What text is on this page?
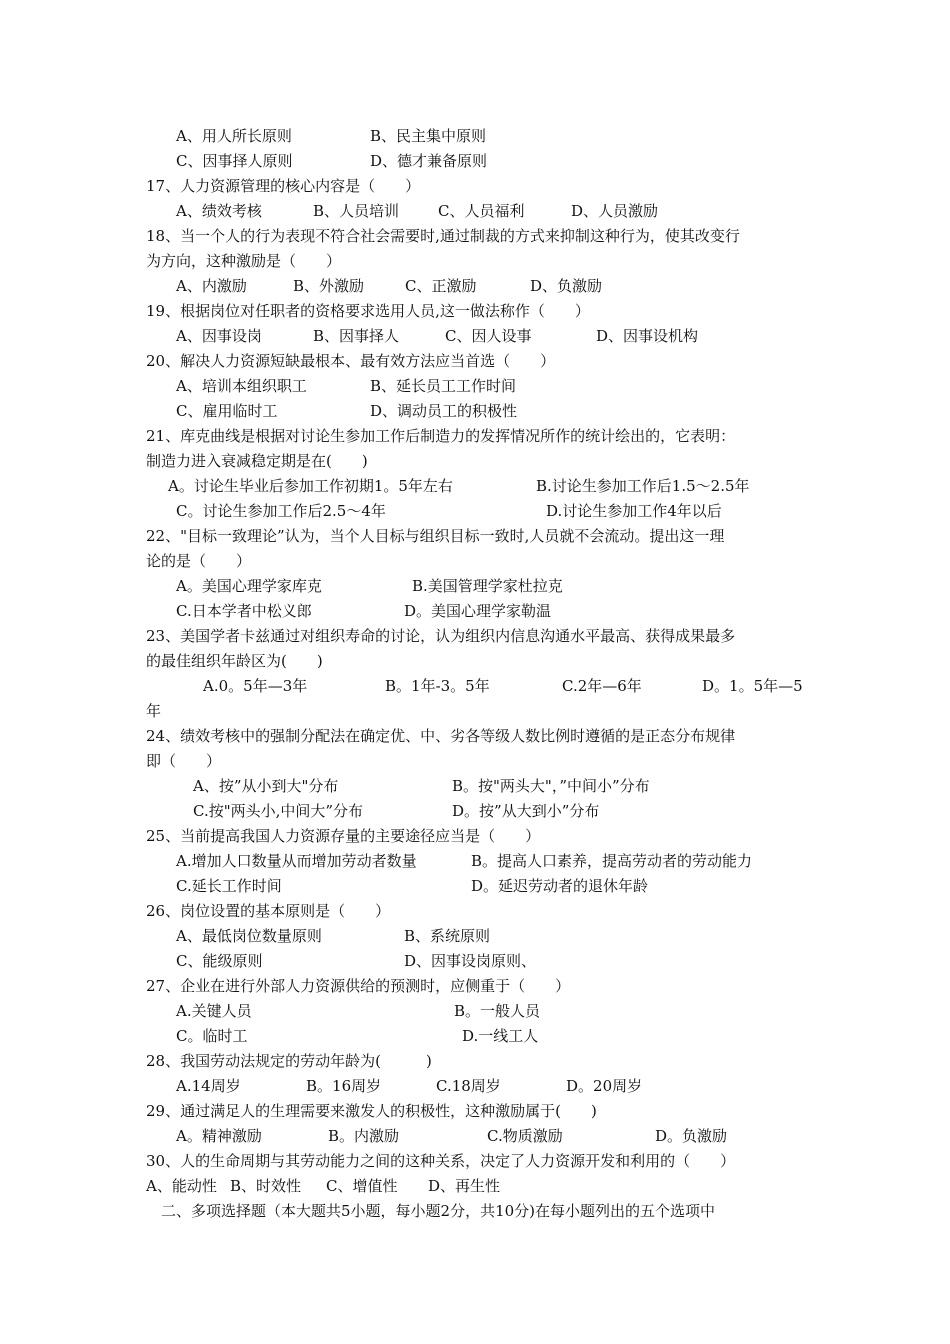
A、用人所长原则	B、民主集中原则
C、因事择人原则	D、德才兼备原则
17、人力资源管理的核心内容是（　　）
A、绩效考核	B、人员培训	C、人员福利	D、人员激励
18、当一个人的行为表现不符合社会需要时,通过制裁的方式来抑制这种行为，使其改变行
为方向，这种激励是（　　）
A、内激励	B、外激励	C、正激励	D、负激励
19、根据岗位对任职者的资格要求选用人员,这一做法称作（　　）
A、因事设岗	B、因事择人	C、因人设事	D、因事设机构
20、解决人力资源短缺最根本、最有效方法应当首选（　　）
A、培训本组织职工	B、延长员工工作时间
C、雇用临时工	D、调动员工的积极性
21、库克曲线是根据对讨论生参加工作后制造力的发挥情况所作的统计绘出的，它表明：
制造力进入衰减稳定期是在(　　)
A。讨论生毕业后参加工作初期1。5年左右	B.讨论生参加工作后1.5～2.5年
C。讨论生参加工作后2.5～4年	D.讨论生参加工作4年以后
22、"目标一致理论”认为，当个人目标与组织目标一致时,人员就不会流动。提出这一理
论的是（　　）
A。美国心理学家库克	B.美国管理学家杜拉克
C.日本学者中松义郎	D。美国心理学家勒温
23、美国学者卡兹通过对组织寿命的讨论，认为组织内信息沟通水平最高、获得成果最多
的最佳组织年龄区为(　　)
A.0。5年—3年	B。1年-3。5年	C.2年—6年	D。1。5年—5
年
24、绩效考核中的强制分配法在确定优、中、劣各等级人数比例时遵循的是正态分布规律
即（　　）
A、按”从小到大"分布	B。按"两头大"，”中间小”分布
C.按"两头小,中间大”分布	D。按”从大到小”分布
25、当前提高我国人力资源存量的主要途径应当是（　　）
A.增加人口数量从而增加劳动者数量	B。提高人口素养，提高劳动者的劳动能力
C.延长工作时间	D。延迟劳动者的退休年龄
26、岗位设置的基本原则是（　　）
A、最低岗位数量原则	B、系统原则
C、能级原则	D、因事设岗原则、
27、企业在进行外部人力资源供给的预测时，应侧重于（　　）
A.关键人员	B。一般人员
C。临时工	D.一线工人
28、我国劳动法规定的劳动年龄为(　　　)
A.14周岁	B。16周岁	C.18周岁	D。20周岁
29、通过满足人的生理需要来激发人的积极性，这种激励属于(　　)
A。精神激励	B。内激励	C.物质激励	D。负激励
30、人的生命周期与其劳动能力之间的这种关系，决定了人力资源开发和利用的（　　）
A、能动性 B、时效性 C、增值性 D、再生性
二、多项选择题（本大题共5小题，每小题2分，共10分)在每小题列出的五个选项中
